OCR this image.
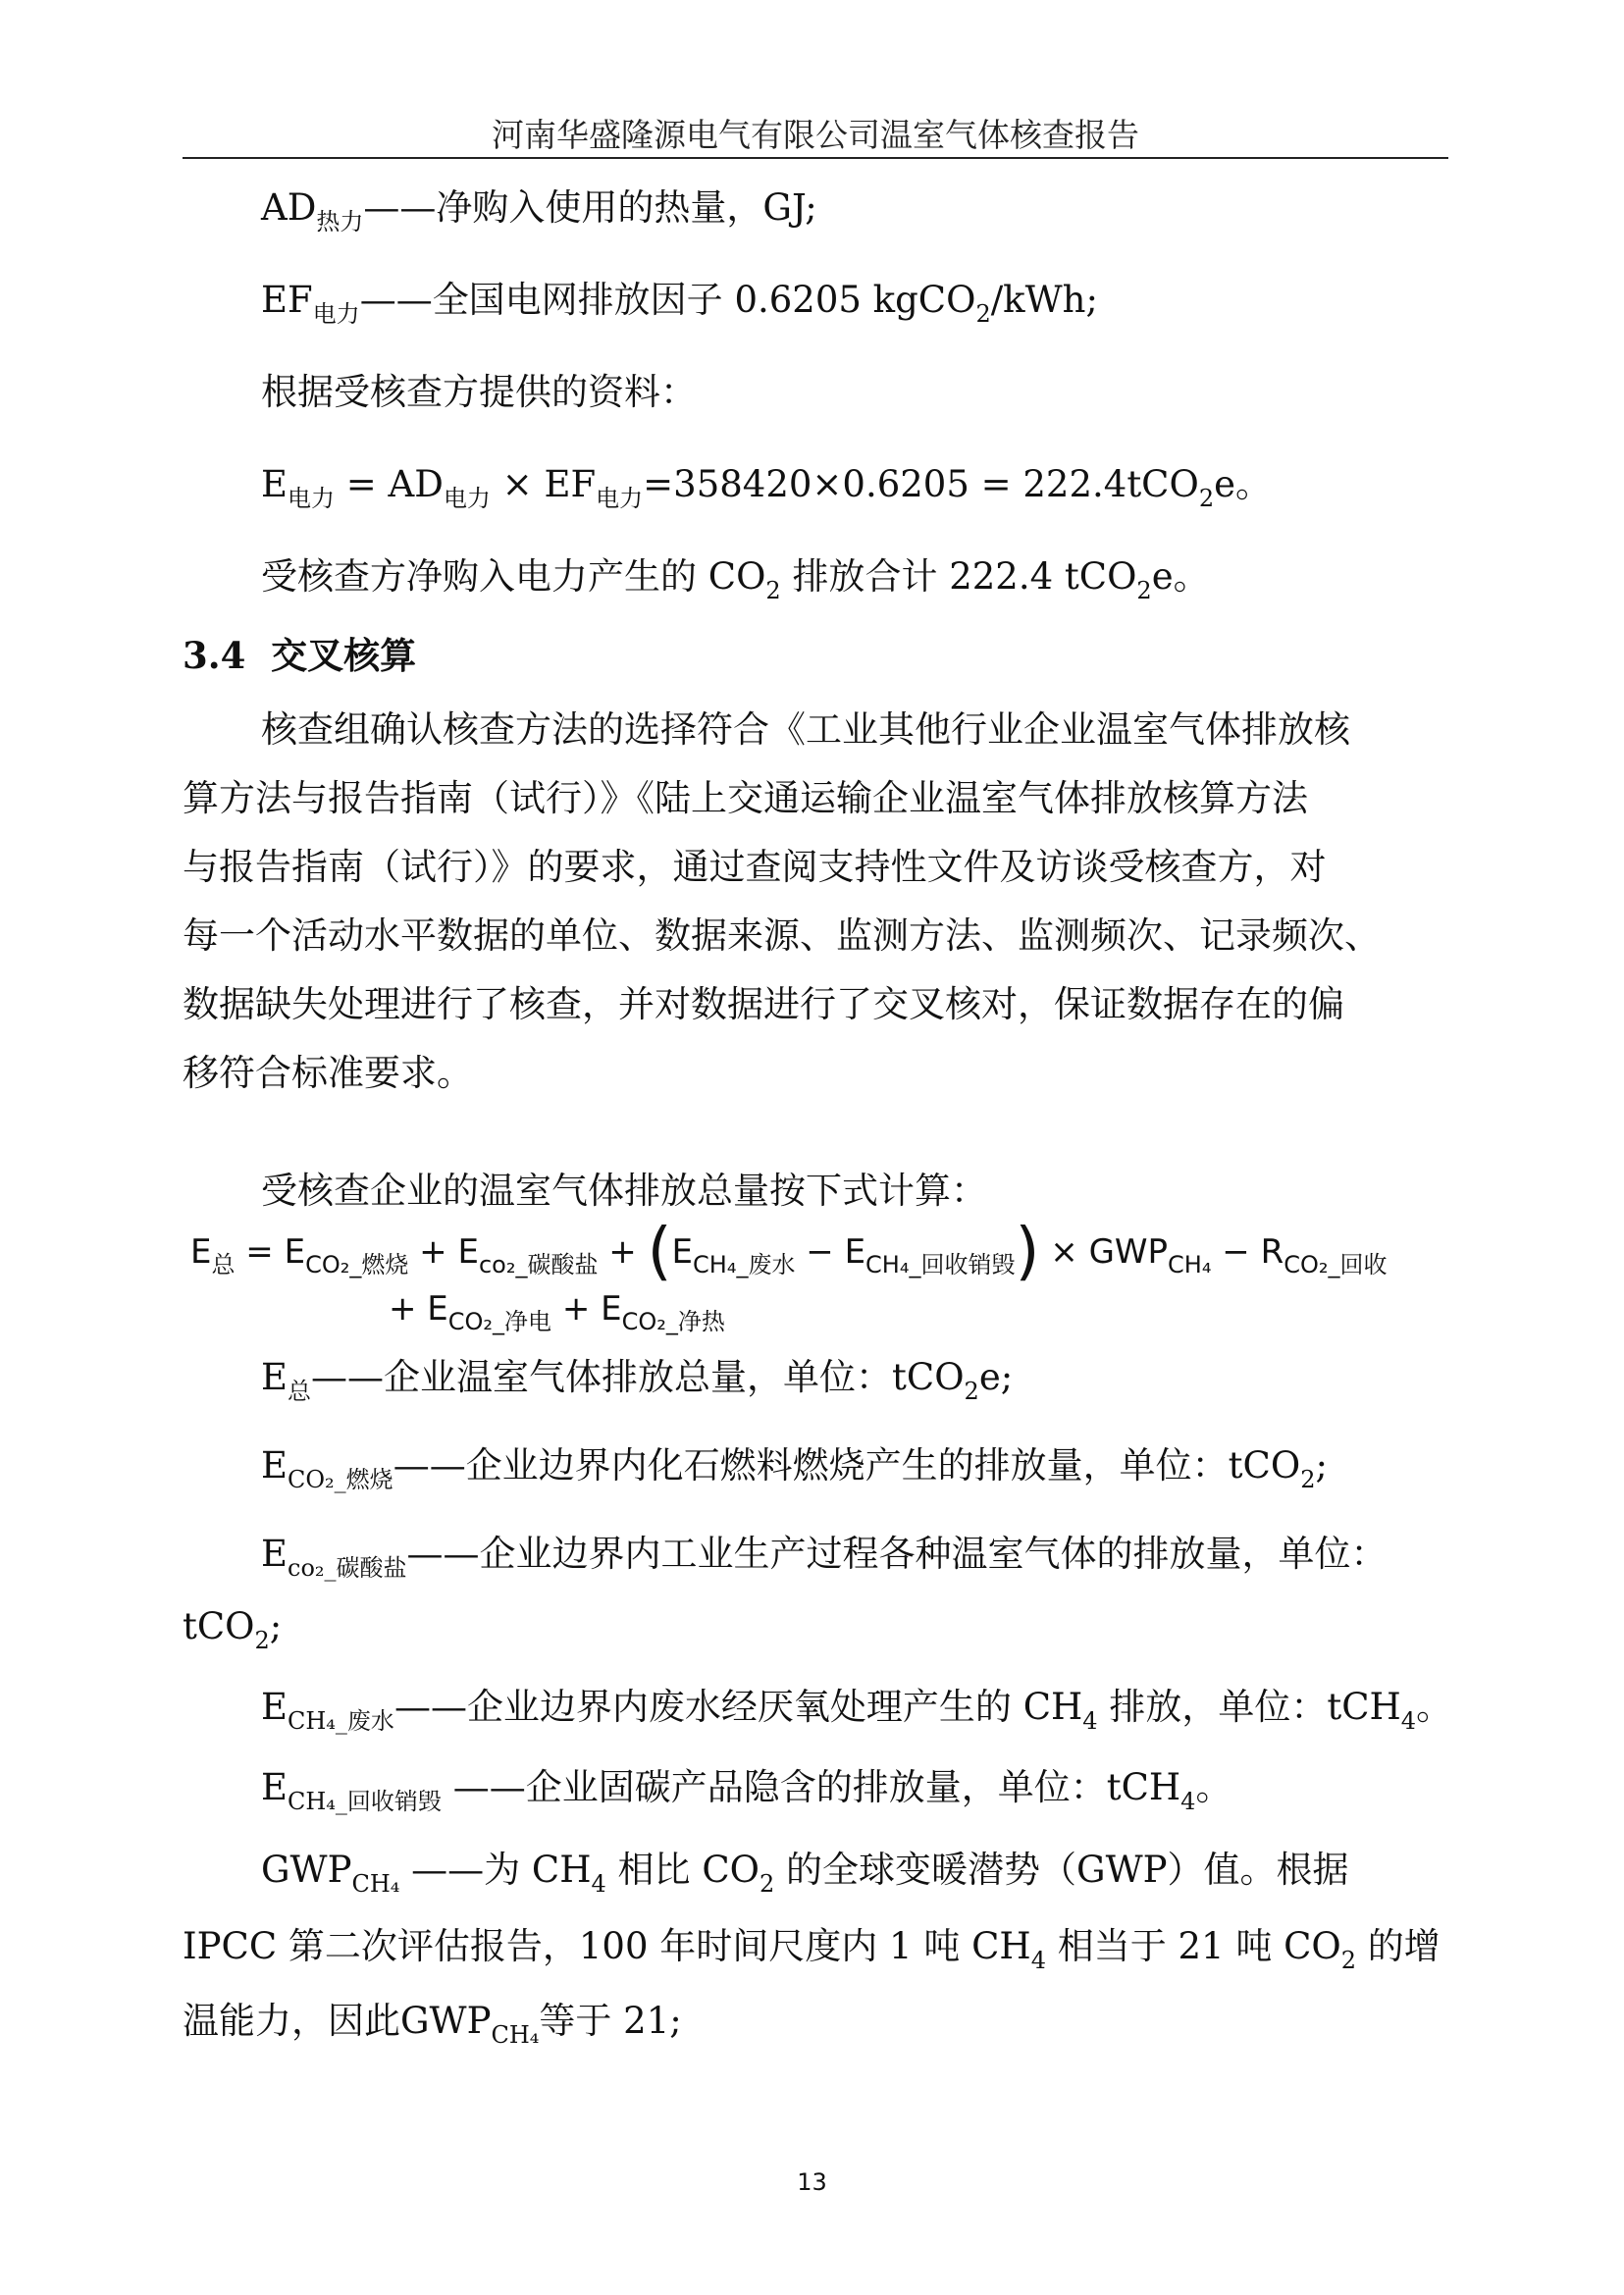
河南华盛隆源电气有限公司温室气体核查报告
$AD_{热力}——$净购入使用的热量，GJ;
$EF_{电力}——$全国电网排放因子 0.6205 kgCO$_2$/kWh;
根据受核查方提供的资料：
$E_{电力} = AD_{电力} \times EF_{电力}=358420\times 0.6205 = 222.4tCO_2e$。
受核查方净购入电力产生的 $CO_2$ 排放合计 222.4 tCO$_2$e。
3.4 交叉核算
核查组确认核查方法的选择符合《工业其他行业企业温室气体排放核
算方法与报告指南（试行）》《陆上交通运输企业温室气体排放核算方法
与报告指南（试行）》的要求，通过查阅支持性文件及访谈受核查方，对
每一个活动水平数据的单位、数据来源、监测方法、监测频次、记录频次、
数据缺失处理进行了核查，并对数据进行了交叉核对，保证数据存在的偏
移符合标准要求。
受核查企业的温室气体排放总量按下式计算：
$E_总 = E_{CO_2\_燃烧} + E_{co_2\_碳酸盐} + (E_{CH_4\_废水} - E_{CH_4\_回收销毁}) \times GWP_{CH_4} - R_{CO_2\_回收}$
+ $E_{CO_2\_净电} + E_{CO_2\_净热}$
$E_总——$企业温室气体排放总量，单位：tCO$_2$e;
$E_{CO_2\_燃烧}——$企业边界内化石燃料燃烧产生的排放量，单位：tCO$_2$;
$E_{co_2\_碳酸盐}——$企业边界内工业生产过程各种温室气体的排放量，单位：
tCO$_2$;
$E_{CH_4\_废水}——$企业边界内废水经厌氧处理产生的 $CH_4$ 排放，单位：tCH$_4$。
$E_{CH_4\_回收销毁}$ ——企业固碳产品隐含的排放量，单位：tCH$_4$。
$GWP_{CH_4}$ ——为 $CH_4$ 相比 $CO_2$ 的全球变暖潜势（GWP）值。根据
IPCC 第二次评估报告，100 年时间尺度内 1 吨 $CH_4$ 相当于 21 吨 $CO_2$ 的增
温能力，因此$GWP_{CH_4}$等于 21;
13
